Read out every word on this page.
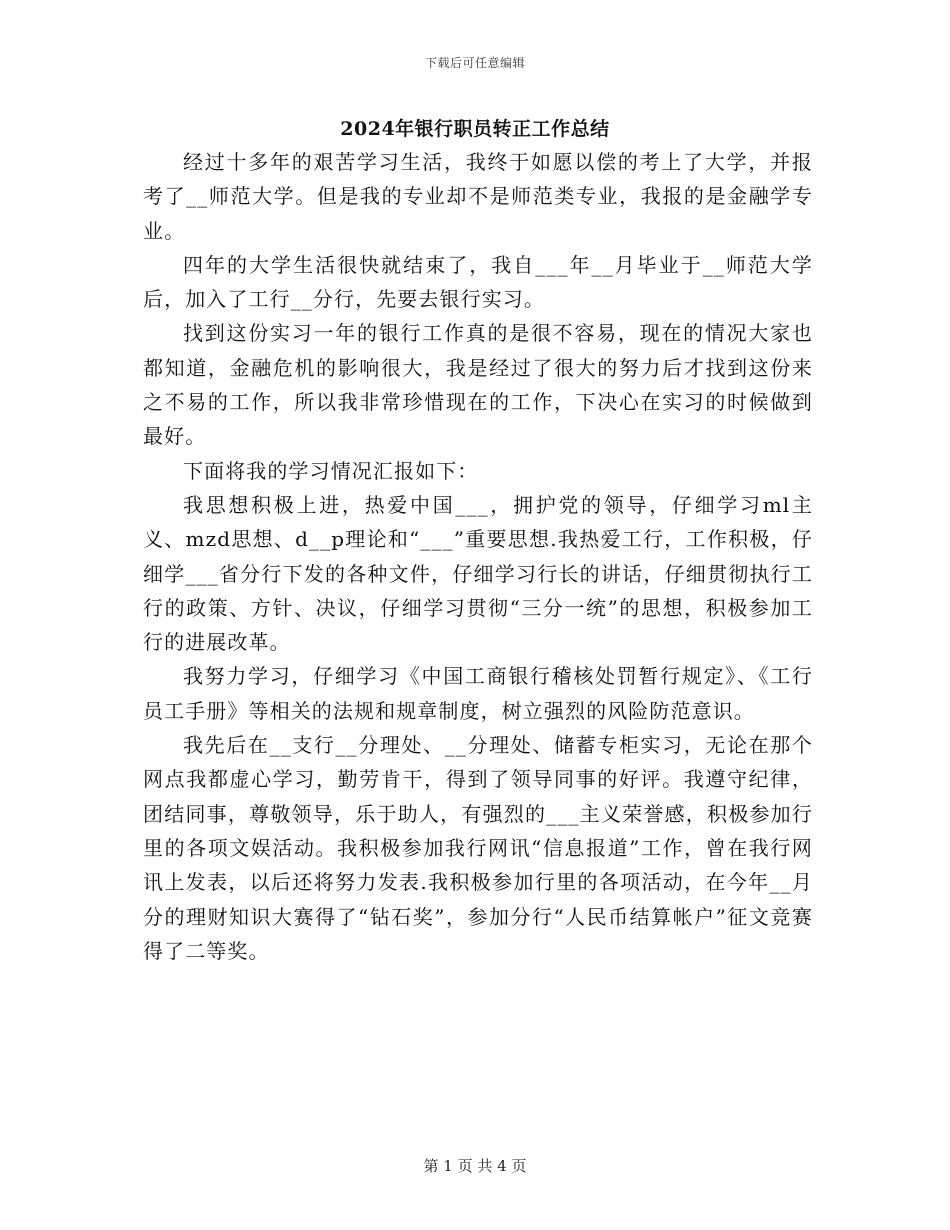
下载后可任意编辑
2024年银行职员转正工作总结

经过十多年的艰苦学习生活，我终于如愿以偿的考上了大学，并报考了__师范大学。但是我的专业却不是师范类专业，我报的是金融学专业。

四年的大学生活很快就结束了，我自___年__月毕业于__师范大学后，加入了工行__分行，先要去银行实习。

找到这份实习一年的银行工作真的是很不容易，现在的情况大家也都知道，金融危机的影响很大，我是经过了很大的努力后才找到这份来之不易的工作，所以我非常珍惜现在的工作，下决心在实习的时候做到最好。

下面将我的学习情况汇报如下：

我思想积极上进，热爱中国___，拥护党的领导，仔细学习ml主义、mzd思想、d__p理论和“___”重要思想.我热爱工行，工作积极，仔细学___省分行下发的各种文件，仔细学习行长的讲话，仔细贯彻执行工行的政策、方针、决议，仔细学习贯彻“三分一统”的思想，积极参加工行的进展改革。

我努力学习，仔细学习《中国工商银行稽核处罚暂行规定》、《工行员工手册》等相关的法规和规章制度，树立强烈的风险防范意识。

我先后在__支行__分理处、__分理处、储蓄专柜实习，无论在那个网点我都虚心学习，勤劳肯干，得到了领导同事的好评。我遵守纪律，团结同事，尊敬领导，乐于助人，有强烈的___主义荣誉感，积极参加行里的各项文娱活动。我积极参加我行网讯“信息报道”工作，曾在我行网讯上发表，以后还将努力发表.我积极参加行里的各项活动，在今年__月分的理财知识大赛得了“钻石奖”，参加分行“人民币结算帐户”征文竞赛得了二等奖。

第 1 页 共 4 页
